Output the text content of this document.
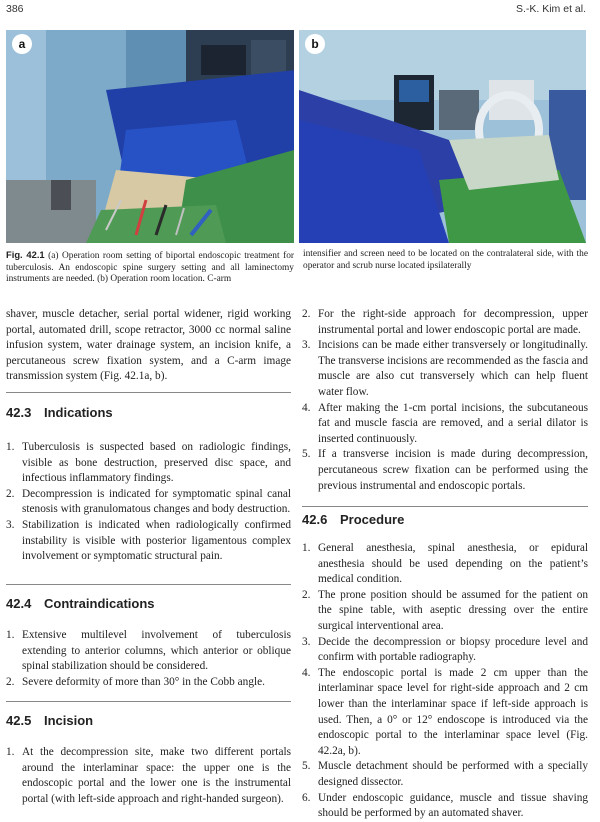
386	S.-K. Kim et al.
a	b
Fig. 42.1 (a) Operation room setting of biportal endoscopic treatment for tuberculosis. An endoscopic spine surgery setting and all laminectomy instruments are needed. (b) Operation room location. C-arm
intensifier and screen need to be located on the contralateral side, with the operator and scrub nurse located ipsilaterally

shaver, muscle detacher, serial portal widener, rigid working portal, automated drill, scope retractor, 3000 cc normal saline infusion system, water drainage system, an incision knife, a percutaneous screw fixation system, and a C-arm image transmission system (Fig. 42.1a, b).

42.3 Indications
1. Tuberculosis is suspected based on radiologic findings, visible as bone destruction, preserved disc space, and infectious inflammatory findings.
2. Decompression is indicated for symptomatic spinal canal stenosis with granulomatous changes and body destruction.
3. Stabilization is indicated when radiologically confirmed instability is visible with posterior ligamentous complex involvement or symptomatic structural pain.
42.4 Contraindications
1. Extensive multilevel involvement of tuberculosis extending to anterior columns, which anterior or oblique spinal stabilization should be considered.
2. Severe deformity of more than 30° in the Cobb angle.
42.5 Incision
1. At the decompression site, make two different portals around the interlaminar space: the upper one is the endoscopic portal and the lower one is the instrumental portal (with left-side approach and right-handed surgeon).
2. For the right-side approach for decompression, upper instrumental portal and lower endoscopic portal are made.
3. Incisions can be made either transversely or longitudinally. The transverse incisions are recommended as the fascia and muscle are also cut transversely which can help fluent water flow.
4. After making the 1-cm portal incisions, the subcutaneous fat and muscle fascia are removed, and a serial dilator is inserted continuously.
5. If a transverse incision is made during decompression, percutaneous screw fixation can be performed using the previous instrumental and endoscopic portals.
42.6 Procedure
1. General anesthesia, spinal anesthesia, or epidural anesthesia should be used depending on the patient’s medical condition.
2. The prone position should be assumed for the patient on the spine table, with aseptic dressing over the entire surgical interventional area.
3. Decide the decompression or biopsy procedure level and confirm with portable radiography.
4. The endoscopic portal is made 2 cm upper than the interlaminar space level for right-side approach and 2 cm lower than the interlaminar space if left-side approach is used. Then, a 0° or 12° endoscope is introduced via the endoscopic portal to the interlaminar space level (Fig. 42.2a, b).
5. Muscle detachment should be performed with a specially designed dissector.
6. Under endoscopic guidance, muscle and tissue shaving should be performed by an automated shaver.
